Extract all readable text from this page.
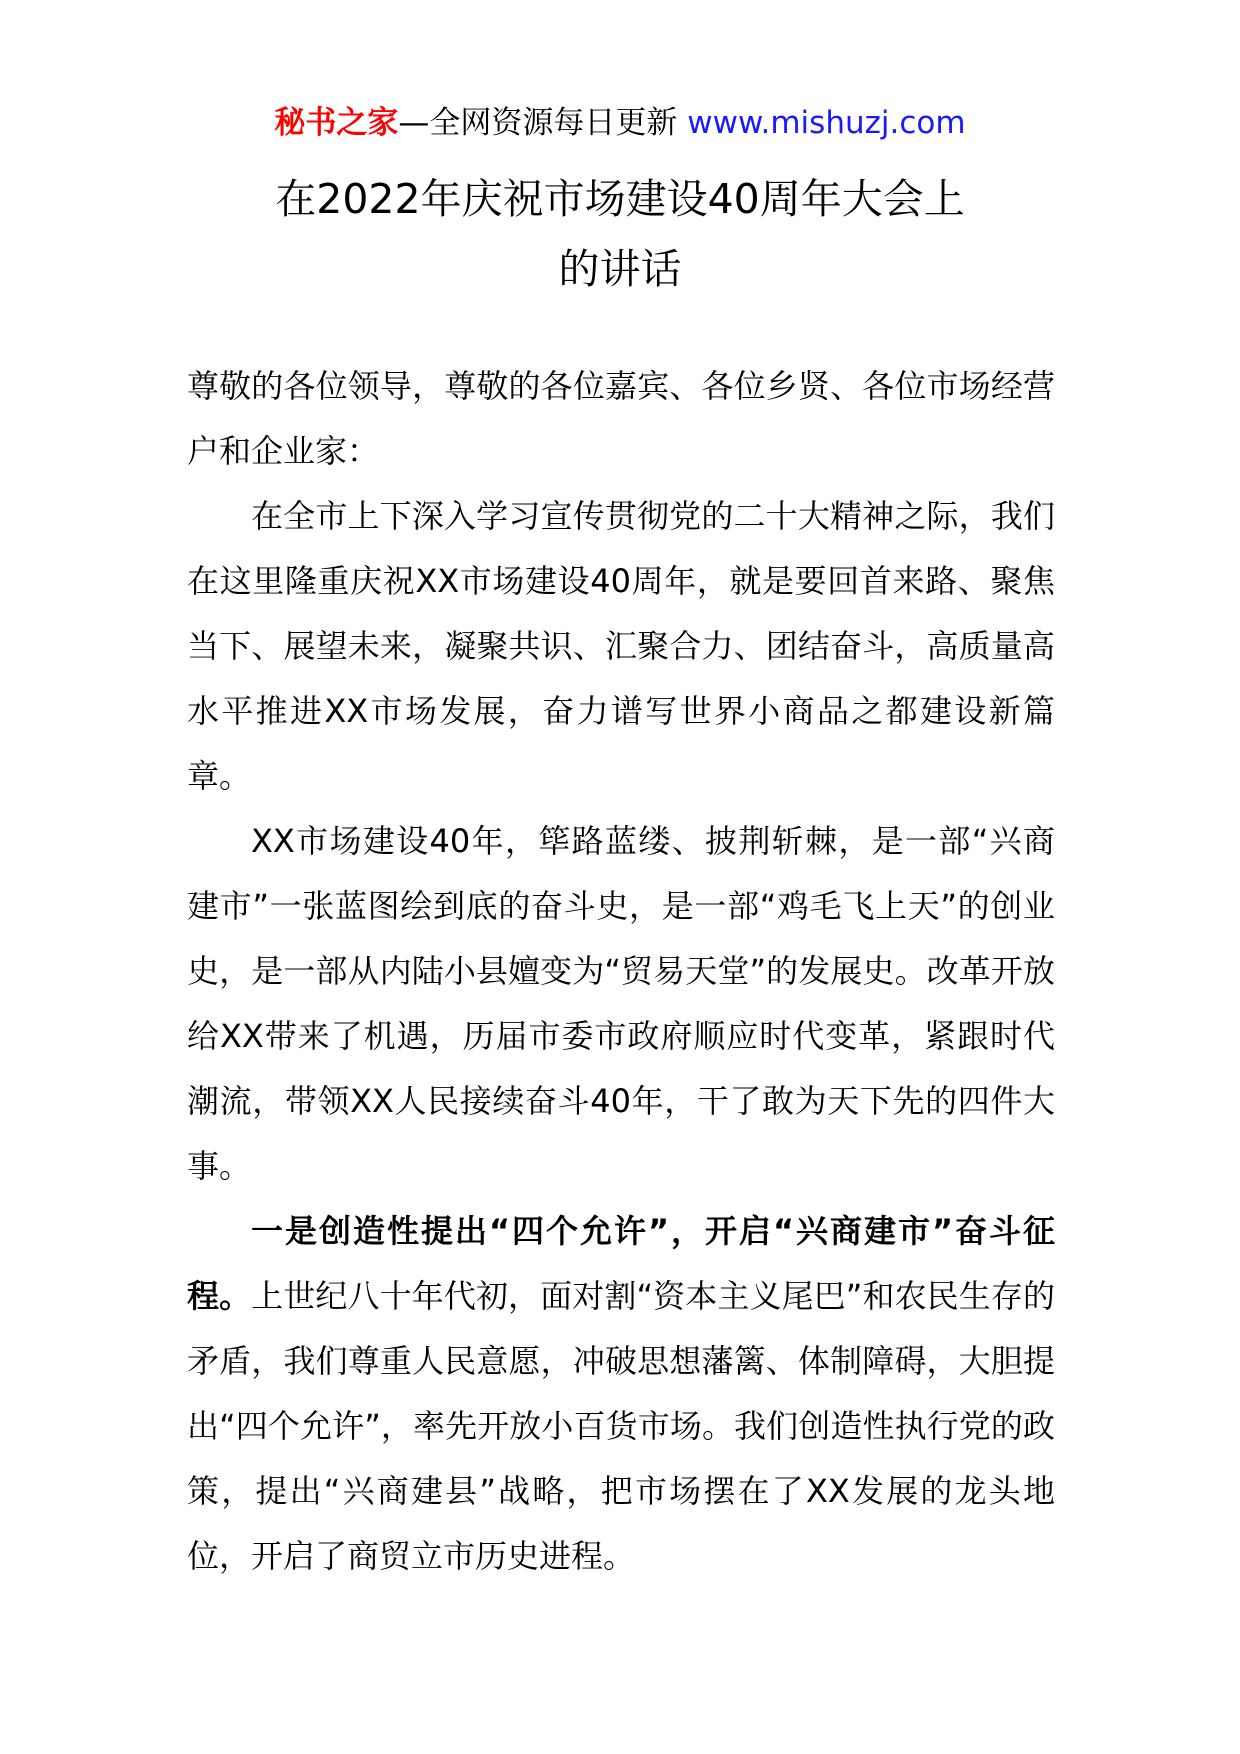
秘书之家—全网资源每日更新 www.mishuzj.com
在2022年庆祝市场建设40周年大会上
的讲话

尊敬的各位领导，尊敬的各位嘉宾、各位乡贤、各位市场经营户和企业家：

在全市上下深入学习宣传贯彻党的二十大精神之际，我们在这里隆重庆祝XX市场建设40周年，就是要回首来路、聚焦当下、展望未来，凝聚共识、汇聚合力、团结奋斗，高质量高水平推进XX市场发展，奋力谱写世界小商品之都建设新篇章。

XX市场建设40年，筚路蓝缕、披荆斩棘，是一部“兴商建市”一张蓝图绘到底的奋斗史，是一部“鸡毛飞上天”的创业史，是一部从内陆小县嬗变为“贸易天堂”的发展史。改革开放给XX带来了机遇，历届市委市政府顺应时代变革，紧跟时代潮流，带领XX人民接续奋斗40年，干了敢为天下先的四件大事。

一是创造性提出“四个允许”，开启“兴商建市”奋斗征程。上世纪八十年代初，面对割“资本主义尾巴”和农民生存的矛盾，我们尊重人民意愿，冲破思想藩篱、体制障碍，大胆提出“四个允许”，率先开放小百货市场。我们创造性执行党的政策，提出“兴商建县”战略，把市场摆在了XX发展的龙头地位，开启了商贸立市历史进程。
